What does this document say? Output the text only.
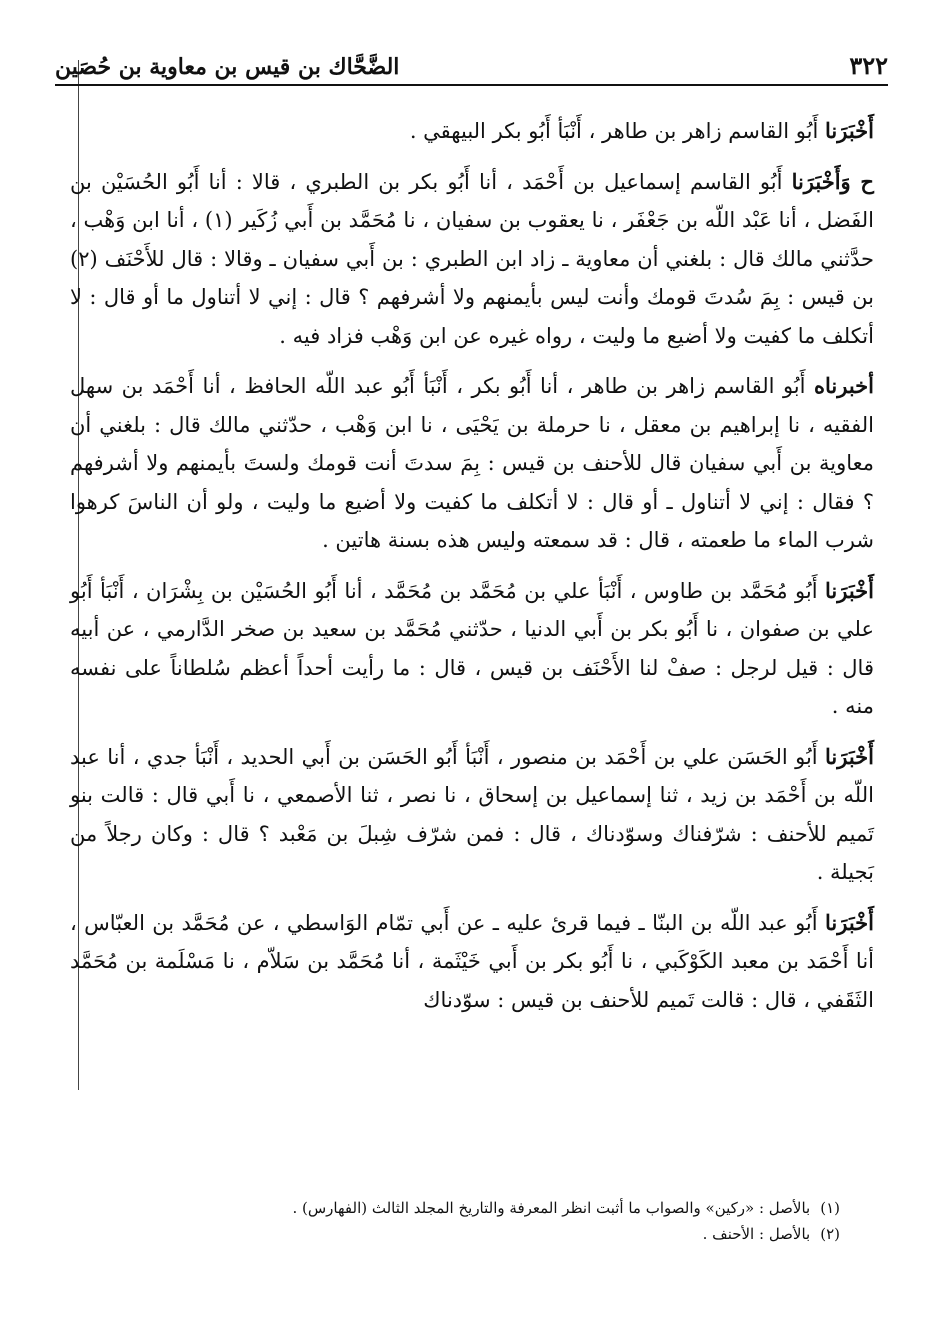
٣٢٢
الضَّحَّاك بن قيس بن معاوية بن حُصَين

أَخْبَرَنا أَبُو القاسم زاهر بن طاهر ، أَنْبَأ أَبُو بكر البيهقي .

ح وَأَخْبَرَنا أَبُو القاسم إسماعيل بن أَحْمَد ، أنا أَبُو بكر بن الطبري ، قالا : أنا أَبُو الحُسَيْن بن الفَضل ، أنا عَبْد اللّه بن جَعْفَر ، نا يعقوب بن سفيان ، نا مُحَمَّد بن أَبي زُكَير (١) ، أنا ابن وَهْب ، حدَّثني مالك قال : بلغني أن معاوية ـ زاد ابن الطبري : بن أَبي سفيان ـ وقالا : قال للأَحْنَف (٢) بن قيس : بِمَ سُدتَ قومك وأنت ليس بأيمنهم ولا أشرفهم ؟ قال : إني لا أتناول ما أو قال : لا أتكلف ما كفيت ولا أضيع ما وليت ، رواه غيره عن ابن وَهْب فزاد فيه .

أخبرناه أَبُو القاسم زاهر بن طاهر ، أنا أَبُو بكر ، أَنْبَأ أَبُو عبد اللّه الحافظ ، أنا أَحْمَد بن سهل الفقيه ، نا إبراهيم بن معقل ، نا حرملة بن يَحْيَى ، نا ابن وَهْب ، حدّثني مالك قال : بلغني أن معاوية بن أَبي سفيان قال للأحنف بن قيس : بِمَ سدتَ أنت قومك ولستَ بأيمنهم ولا أشرفهم ؟ فقال : إني لا أتناول ـ أو قال : لا أتكلف ما كفيت ولا أضيع ما وليت ، ولو أن الناسَ كرهوا شرب الماء ما طعمته ، قال : قد سمعته وليس هذه بسنة هاتين .

أَخْبَرَنا أَبُو مُحَمَّد بن طاوس ، أَنْبَأ علي بن مُحَمَّد بن مُحَمَّد ، أنا أَبُو الحُسَيْن بن بِشْرَان ، أَنْبَأ أَبُو علي بن صفوان ، نا أَبُو بكر بن أَبي الدنيا ، حدّثني مُحَمَّد بن سعيد بن صخر الدَّارمي ، عن أبيه قال : قيل لرجل : صفْ لنا الأَحْنَف بن قيس ، قال : ما رأيت أحداً أعظم سُلطاناً على نفسه منه .

أَخْبَرَنا أَبُو الحَسَن علي بن أَحْمَد بن منصور ، أَنْبَأ أَبُو الحَسَن بن أَبي الحديد ، أَنْبَأ جدي ، أنا عبد اللّه بن أَحْمَد بن زيد ، ثنا إسماعيل بن إسحاق ، نا نصر ، ثنا الأصمعي ، نا أَبي قال : قالت بنو تَميم للأحنف : شرّفناك وسوّدناك ، قال : فمن شرّف شِبلَ بن مَعْبد ؟ قال : وكان رجلاً من بَجيلة .

أَخْبَرَنا أَبُو عبد اللّه بن البنّا ـ فيما قرئ عليه ـ عن أَبي تمّام الوَاسطي ، عن مُحَمَّد بن العبّاس ، أنا أَحْمَد بن معبد الكَوْكَبي ، نا أَبُو بكر بن أَبي خَيْثَمة ، أنا مُحَمَّد بن سَلاّم ، نا مَسْلَمة بن مُحَمَّد الثَقَفي ، قال : قالت تَميم للأحنف بن قيس : سوّدناك

(١)بالأصل : «ركين» والصواب ما أثبت انظر المعرفة والتاريخ المجلد الثالث (الفهارس) .

(٢)بالأصل : الأحنف .
